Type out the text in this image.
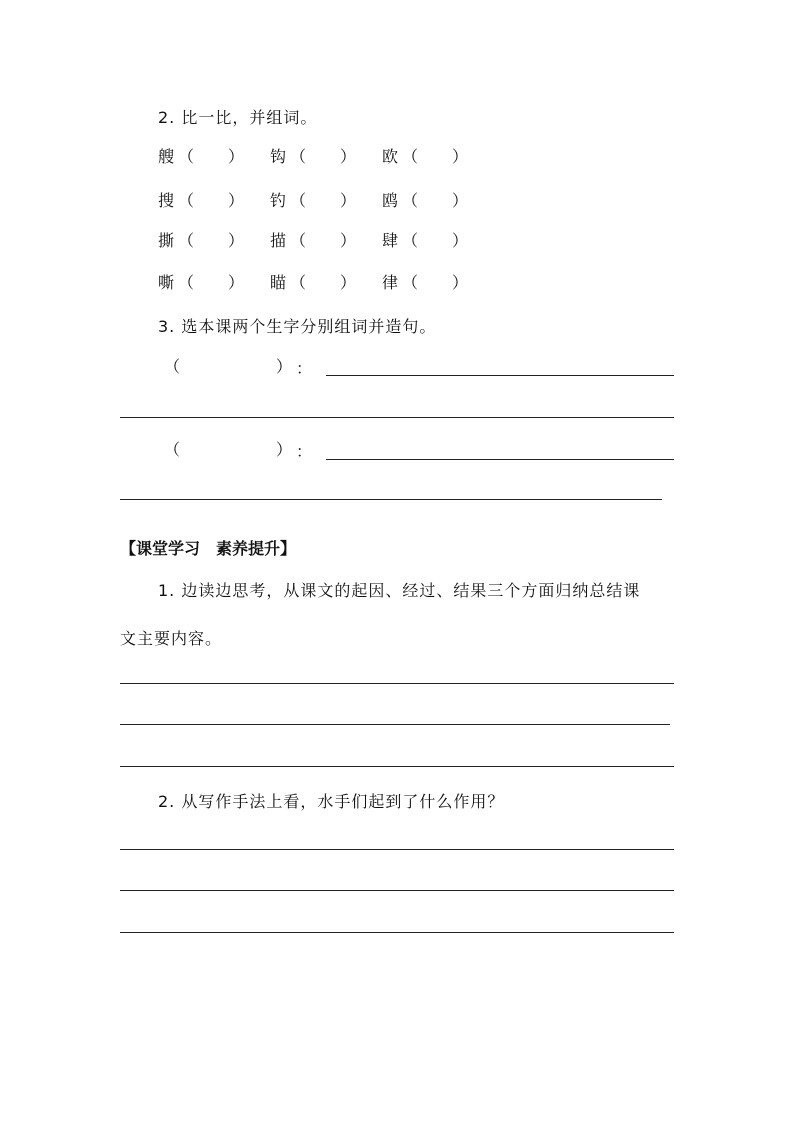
2. 比一比，并组词。
艘 （ ） 钩 （ ） 欧 （ ）
搜 （ ） 钓 （ ） 鸥 （ ）
撕 （ ） 描 （ ） 肆 （ ）
嘶 （ ） 瞄 （ ） 律 （ ）
3. 选本课两个生字分别组词并造句。
（	） ：
（	） ：
【课堂学习　素养提升】
1. 边读边思考，从课文的起因、经过、结果三个方面归纳总结课
文主要内容。
2. 从写作手法上看，水手们起到了什么作用？
